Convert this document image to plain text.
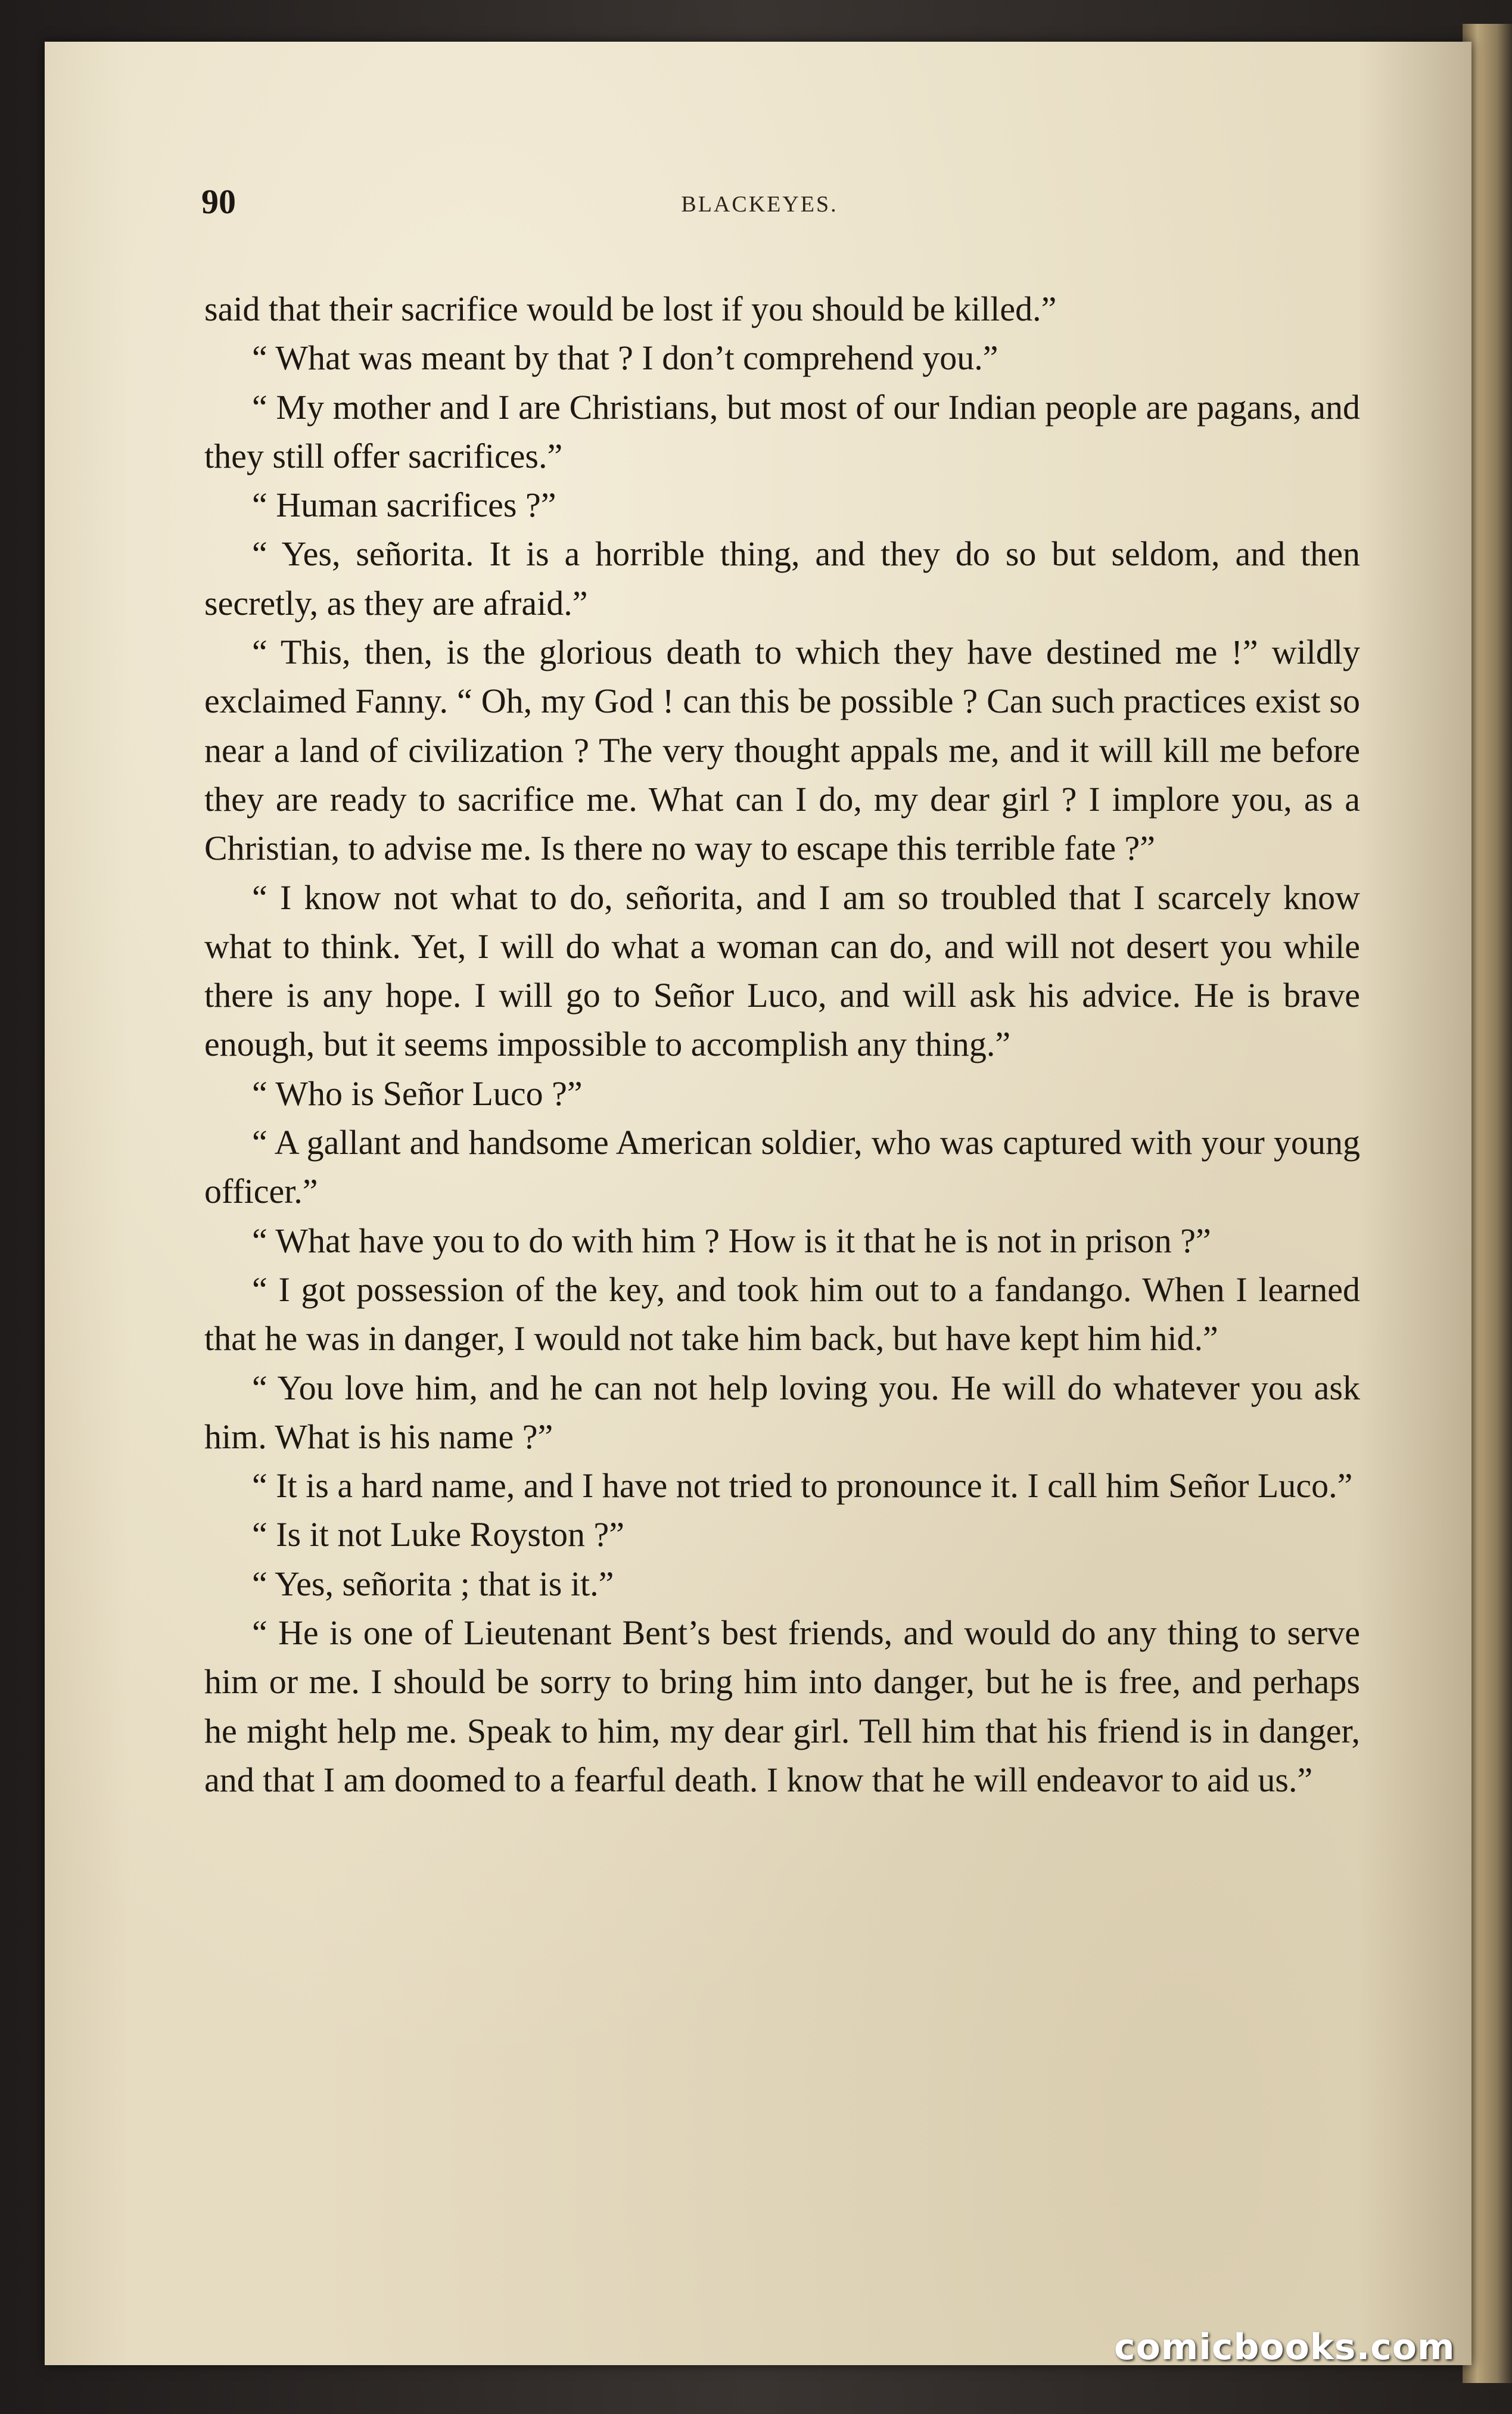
90	BLACKEYES.

said that their sacrifice would be lost if you should be killed.”

“ What was meant by that ? I don’t comprehend you.”

“ My mother and I are Christians, but most of our Indian people are pagans, and they still offer sacrifices.”

“ Human sacrifices ?”

“ Yes, señorita. It is a horrible thing, and they do so but seldom, and then secretly, as they are afraid.”

“ This, then, is the glorious death to which they have destined me !” wildly exclaimed Fanny. “ Oh, my God ! can this be possible ? Can such practices exist so near a land of civilization ? The very thought appals me, and it will kill me before they are ready to sacrifice me. What can I do, my dear girl ? I implore you, as a Christian, to advise me. Is there no way to escape this terrible fate ?”

“ I know not what to do, señorita, and I am so troubled that I scarcely know what to think. Yet, I will do what a woman can do, and will not desert you while there is any hope. I will go to Señor Luco, and will ask his advice. He is brave enough, but it seems impossible to accomplish any thing.”

“ Who is Señor Luco ?”

“ A gallant and handsome American soldier, who was captured with your young officer.”

“ What have you to do with him ? How is it that he is not in prison ?”

“ I got possession of the key, and took him out to a fandango. When I learned that he was in danger, I would not take him back, but have kept him hid.”

“ You love him, and he can not help loving you. He will do whatever you ask him. What is his name ?”

“ It is a hard name, and I have not tried to pronounce it. I call him Señor Luco.”

“ Is it not Luke Royston ?”

“ Yes, señorita ; that is it.”

“ He is one of Lieutenant Bent’s best friends, and would do any thing to serve him or me. I should be sorry to bring him into danger, but he is free, and perhaps he might help me. Speak to him, my dear girl. Tell him that his friend is in danger, and that I am doomed to a fearful death. I know that he will endeavor to aid us.”

comicbooks.com
